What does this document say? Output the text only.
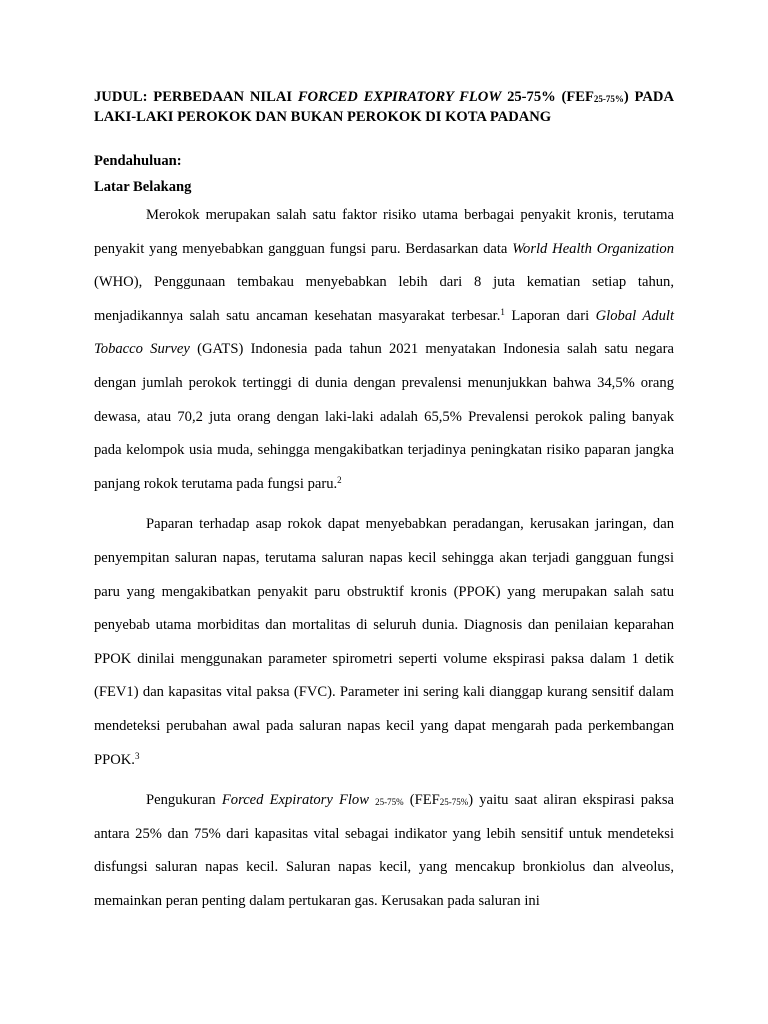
JUDUL: PERBEDAAN NILAI FORCED EXPIRATORY FLOW 25-75% $(FEF_{25-75\%})$ PADA LAKI-LAKI PEROKOK DAN BUKAN PEROKOK DI KOTA PADANG
Pendahuluan:
Latar Belakang

Merokok merupakan salah satu faktor risiko utama berbagai penyakit kronis, terutama penyakit yang menyebabkan gangguan fungsi paru. Berdasarkan data World Health Organization (WHO), Penggunaan tembakau menyebabkan lebih dari 8 juta kematian setiap tahun, menjadikannya salah satu ancaman kesehatan masyarakat terbesar.$^1$ Laporan dari Global Adult Tobacco Survey (GATS) Indonesia pada tahun 2021 menyatakan Indonesia salah satu negara dengan jumlah perokok tertinggi di dunia dengan prevalensi menunjukkan bahwa 34,5% orang dewasa, atau 70,2 juta orang dengan laki-laki adalah 65,5% Prevalensi perokok paling banyak pada kelompok usia muda, sehingga mengakibatkan terjadinya peningkatan risiko paparan jangka panjang rokok terutama pada fungsi paru.$^2$

Paparan terhadap asap rokok dapat menyebabkan peradangan, kerusakan jaringan, dan penyempitan saluran napas, terutama saluran napas kecil sehingga akan terjadi gangguan fungsi paru yang mengakibatkan penyakit paru obstruktif kronis (PPOK) yang merupakan salah satu penyebab utama morbiditas dan mortalitas di seluruh dunia. Diagnosis dan penilaian keparahan PPOK dinilai menggunakan parameter spirometri seperti volume ekspirasi paksa dalam 1 detik (FEV1) dan kapasitas vital paksa (FVC). Parameter ini sering kali dianggap kurang sensitif dalam mendeteksi perubahan awal pada saluran napas kecil yang dapat mengarah pada perkembangan PPOK.$^3$

Pengukuran Forced Expiratory Flow $_{25-75\%}$ $(FEF_{25-75\%})$ yaitu saat aliran ekspirasi paksa antara 25% dan 75% dari kapasitas vital sebagai indikator yang lebih sensitif untuk mendeteksi disfungsi saluran napas kecil. Saluran napas kecil, yang mencakup bronkiolus dan alveolus, memainkan peran penting dalam pertukaran gas. Kerusakan pada saluran ini
